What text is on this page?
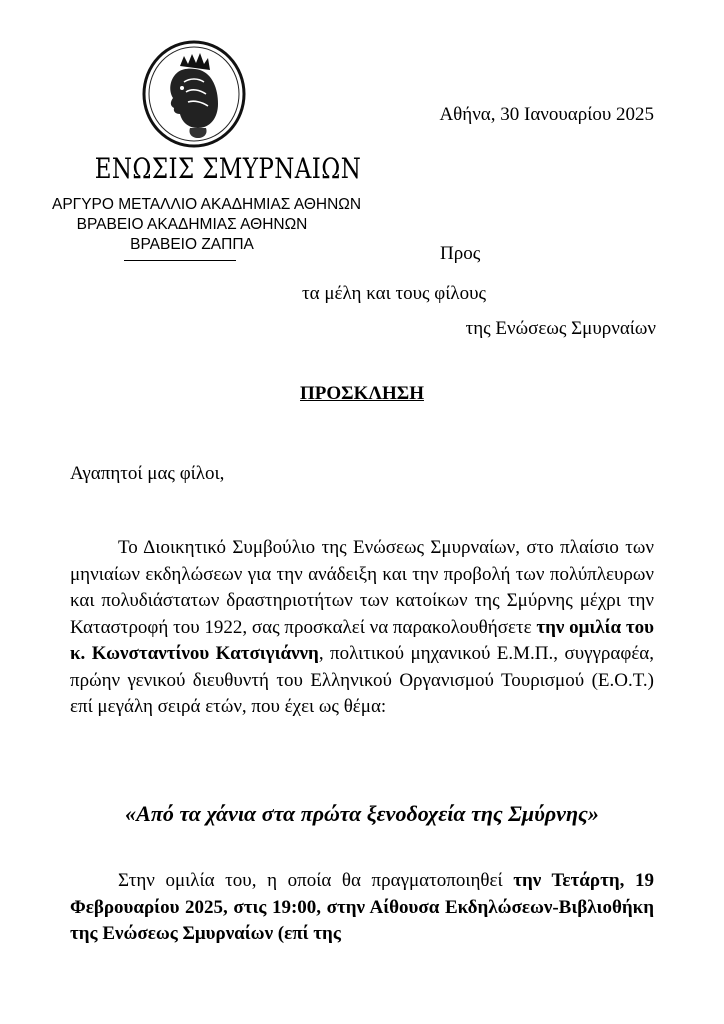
ΕΝΩΣΙΣ ΣΜΥΡΝΑΙΩΝ
ΑΡΓΥΡΟ ΜΕΤΑΛΛΙΟ ΑΚΑΔΗΜΙΑΣ ΑΘΗΝΩΝ
ΒΡΑΒΕΙΟ ΑΚΑΔΗΜΙΑΣ ΑΘΗΝΩΝ
ΒΡΑΒΕΙΟ ΖΑΠΠΑ
Αθήνα, 30 Ιανουαρίου 2025
Προς
τα μέλη και τους φίλους
της Ενώσεως Σμυρναίων
ΠΡΟΣΚΛΗΣΗ
Αγαπητοί μας φίλοι,
Το Διοικητικό Συμβούλιο της Ενώσεως Σμυρναίων, στο πλαίσιο των μηνιαίων εκδηλώσεων για την ανάδειξη και την προβολή των πολύπλευρων και πολυδιάστατων δραστηριοτήτων των κατοίκων της Σμύρνης μέχρι την Καταστροφή του 1922, σας προσκαλεί να παρακολουθήσετε την ομιλία του κ. Κωνσταντίνου Κατσιγιάννη, πολιτικού μηχανικού Ε.Μ.Π., συγγραφέα, πρώην γενικού διευθυντή του Ελληνικού Οργανισμού Τουρισμού (Ε.Ο.Τ.) επί μεγάλη σειρά ετών, που έχει ως θέμα:
«Από τα χάνια στα πρώτα ξενοδοχεία της Σμύρνης»
Στην ομιλία του, η οποία θα πραγματοποιηθεί την Τετάρτη, 19 Φεβρουαρίου 2025, στις 19:00, στην Αίθουσα Εκδηλώσεων-Βιβλιοθήκη της Ενώσεως Σμυρναίων (επί της
